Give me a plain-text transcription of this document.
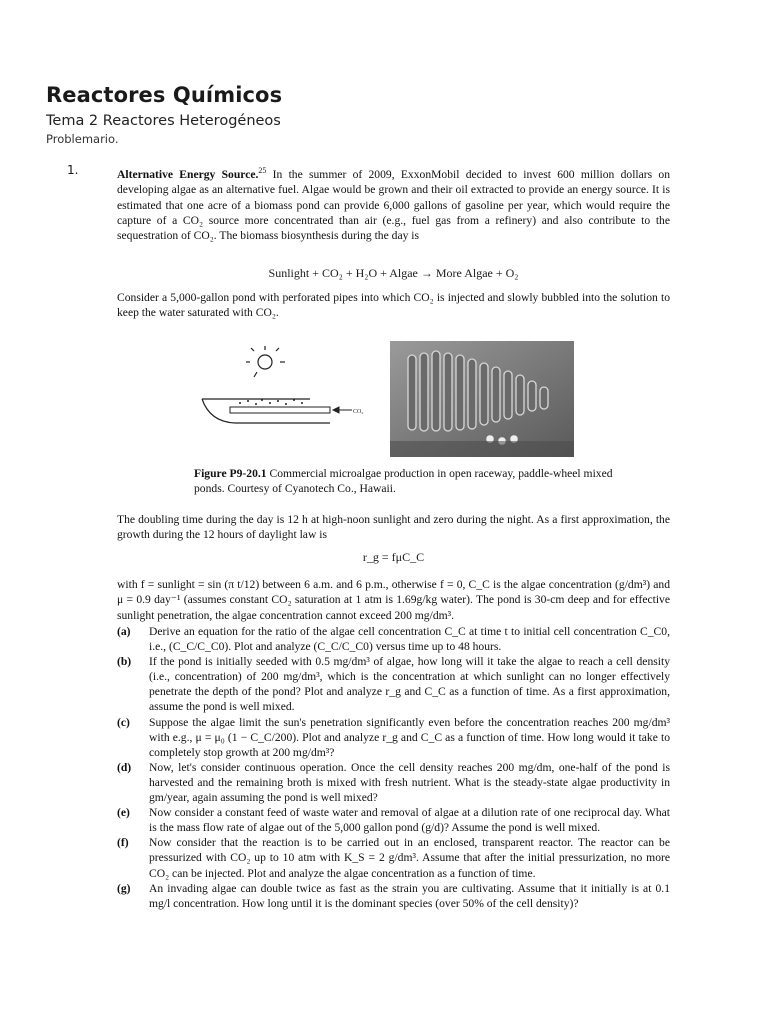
Reactores Químicos
Tema 2 Reactores Heterogéneos
Problemario.
1.	Alternative Energy Source.$^{25}$ In the summer of 2009, ExxonMobil decided to invest 600 million dollars on developing algae as an alternative fuel. Algae would be grown and their oil extracted to provide an energy source. It is estimated that one acre of a biomass pond can provide 6,000 gallons of gasoline per year, which would require the capture of a CO₂ source more concentrated than air (e.g., fuel gas from a refinery) and also contribute to the sequestration of CO₂. The biomass biosynthesis during the day is
Sunlight + CO₂ + H₂O + Algae → More Algae + O₂
Consider a 5,000-gallon pond with perforated pipes into which CO₂ is injected and slowly bubbled into the solution to keep the water saturated with CO₂.
CO₂
Figure P9-20.1 Commercial microalgae production in open raceway, paddle-wheel mixed ponds. Courtesy of Cyanotech Co., Hawaii.
The doubling time during the day is 12 h at high-noon sunlight and zero during the night. As a first approximation, the growth during the 12 hours of daylight law is
r_g = fμC_C
with f = sunlight = sin (π t/12) between 6 a.m. and 6 p.m., otherwise f = 0, C_C is the algae concentration (g/dm³) and μ = 0.9 day⁻¹ (assumes constant CO₂ saturation at 1 atm is 1.69g/kg water). The pond is 30-cm deep and for effective sunlight penetration, the algae concentration cannot exceed 200 mg/dm³.
(a)	Derive an equation for the ratio of the algae cell concentration C_C at time t to initial cell concentration C_C0, i.e., (C_C/C_C0). Plot and analyze (C_C/C_C0) versus time up to 48 hours.
(b)	If the pond is initially seeded with 0.5 mg/dm³ of algae, how long will it take the algae to reach a cell density (i.e., concentration) of 200 mg/dm³, which is the concentration at which sunlight can no longer effectively penetrate the depth of the pond? Plot and analyze r_g and C_C as a function of time. As a first approximation, assume the pond is well mixed.
(c)	Suppose the algae limit the sun's penetration significantly even before the concentration reaches 200 mg/dm³ with e.g., μ = μ₀ (1 − C_C/200). Plot and analyze r_g and C_C as a function of time. How long would it take to completely stop growth at 200 mg/dm³?
(d)	Now, let's consider continuous operation. Once the cell density reaches 200 mg/dm, one-half of the pond is harvested and the remaining broth is mixed with fresh nutrient. What is the steady-state algae productivity in gm/year, again assuming the pond is well mixed?
(e)	Now consider a constant feed of waste water and removal of algae at a dilution rate of one reciprocal day. What is the mass flow rate of algae out of the 5,000 gallon pond (g/d)? Assume the pond is well mixed.
(f)	Now consider that the reaction is to be carried out in an enclosed, transparent reactor. The reactor can be pressurized with CO₂ up to 10 atm with K_S = 2 g/dm³. Assume that after the initial pressurization, no more CO₂ can be injected. Plot and analyze the algae concentration as a function of time.
(g)	An invading algae can double twice as fast as the strain you are cultivating. Assume that it initially is at 0.1 mg/l concentration. How long until it is the dominant species (over 50% of the cell density)?
